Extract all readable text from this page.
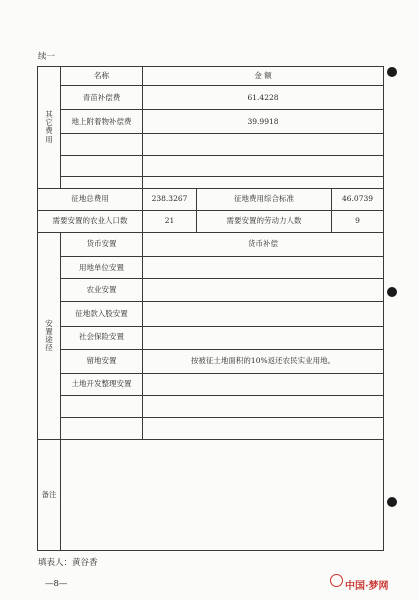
续一
其
它
费
用	名称	金 额		
	青苗补偿费	61.4228		
	地上附着物补偿费	39.9918		

征地总费用		238.3267	征地费用综合标准	46.0739
需要安置的农业人口数		21	需要安置的劳动力人数	9

安
置
途
径	货币安置	货币补偿		
	用地单位安置			
	农业安置			
	征地款入股安置			
	社会保险安置			
	留地安置	按被征土地面积的10%返还农民实业用地。		
	土地开发整理安置			

备注				
填表人：黄谷香
—8—	中国·梦网
